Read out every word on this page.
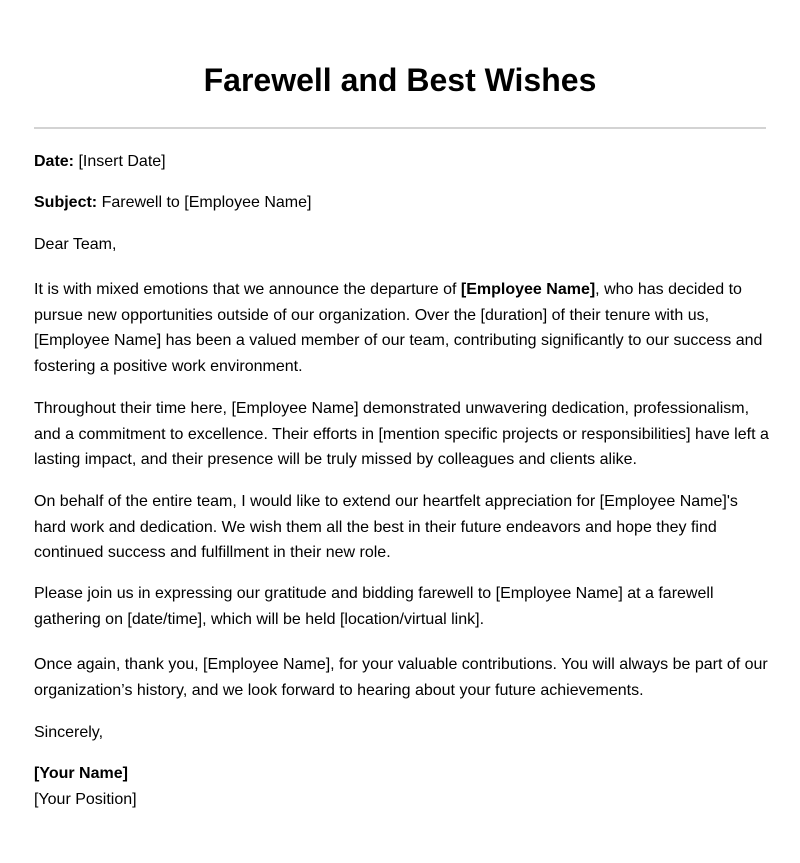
Farewell and Best Wishes

Date: [Insert Date]

Subject: Farewell to [Employee Name]

Dear Team,

It is with mixed emotions that we announce the departure of [Employee Name], who has decided to pursue new opportunities outside of our organization. Over the [duration] of their tenure with us, [Employee Name] has been a valued member of our team, contributing significantly to our success and fostering a positive work environment.

Throughout their time here, [Employee Name] demonstrated unwavering dedication, professionalism, and a commitment to excellence. Their efforts in [mention specific projects or responsibilities] have left a lasting impact, and their presence will be truly missed by colleagues and clients alike.

On behalf of the entire team, I would like to extend our heartfelt appreciation for [Employee Name]'s hard work and dedication. We wish them all the best in their future endeavors and hope they find continued success and fulfillment in their new role.

Please join us in expressing our gratitude and bidding farewell to [Employee Name] at a farewell gathering on [date/time], which will be held [location/virtual link].

Once again, thank you, [Employee Name], for your valuable contributions. You will always be part of our organization’s history, and we look forward to hearing about your future achievements.

Sincerely,

[Your Name]

[Your Position]
